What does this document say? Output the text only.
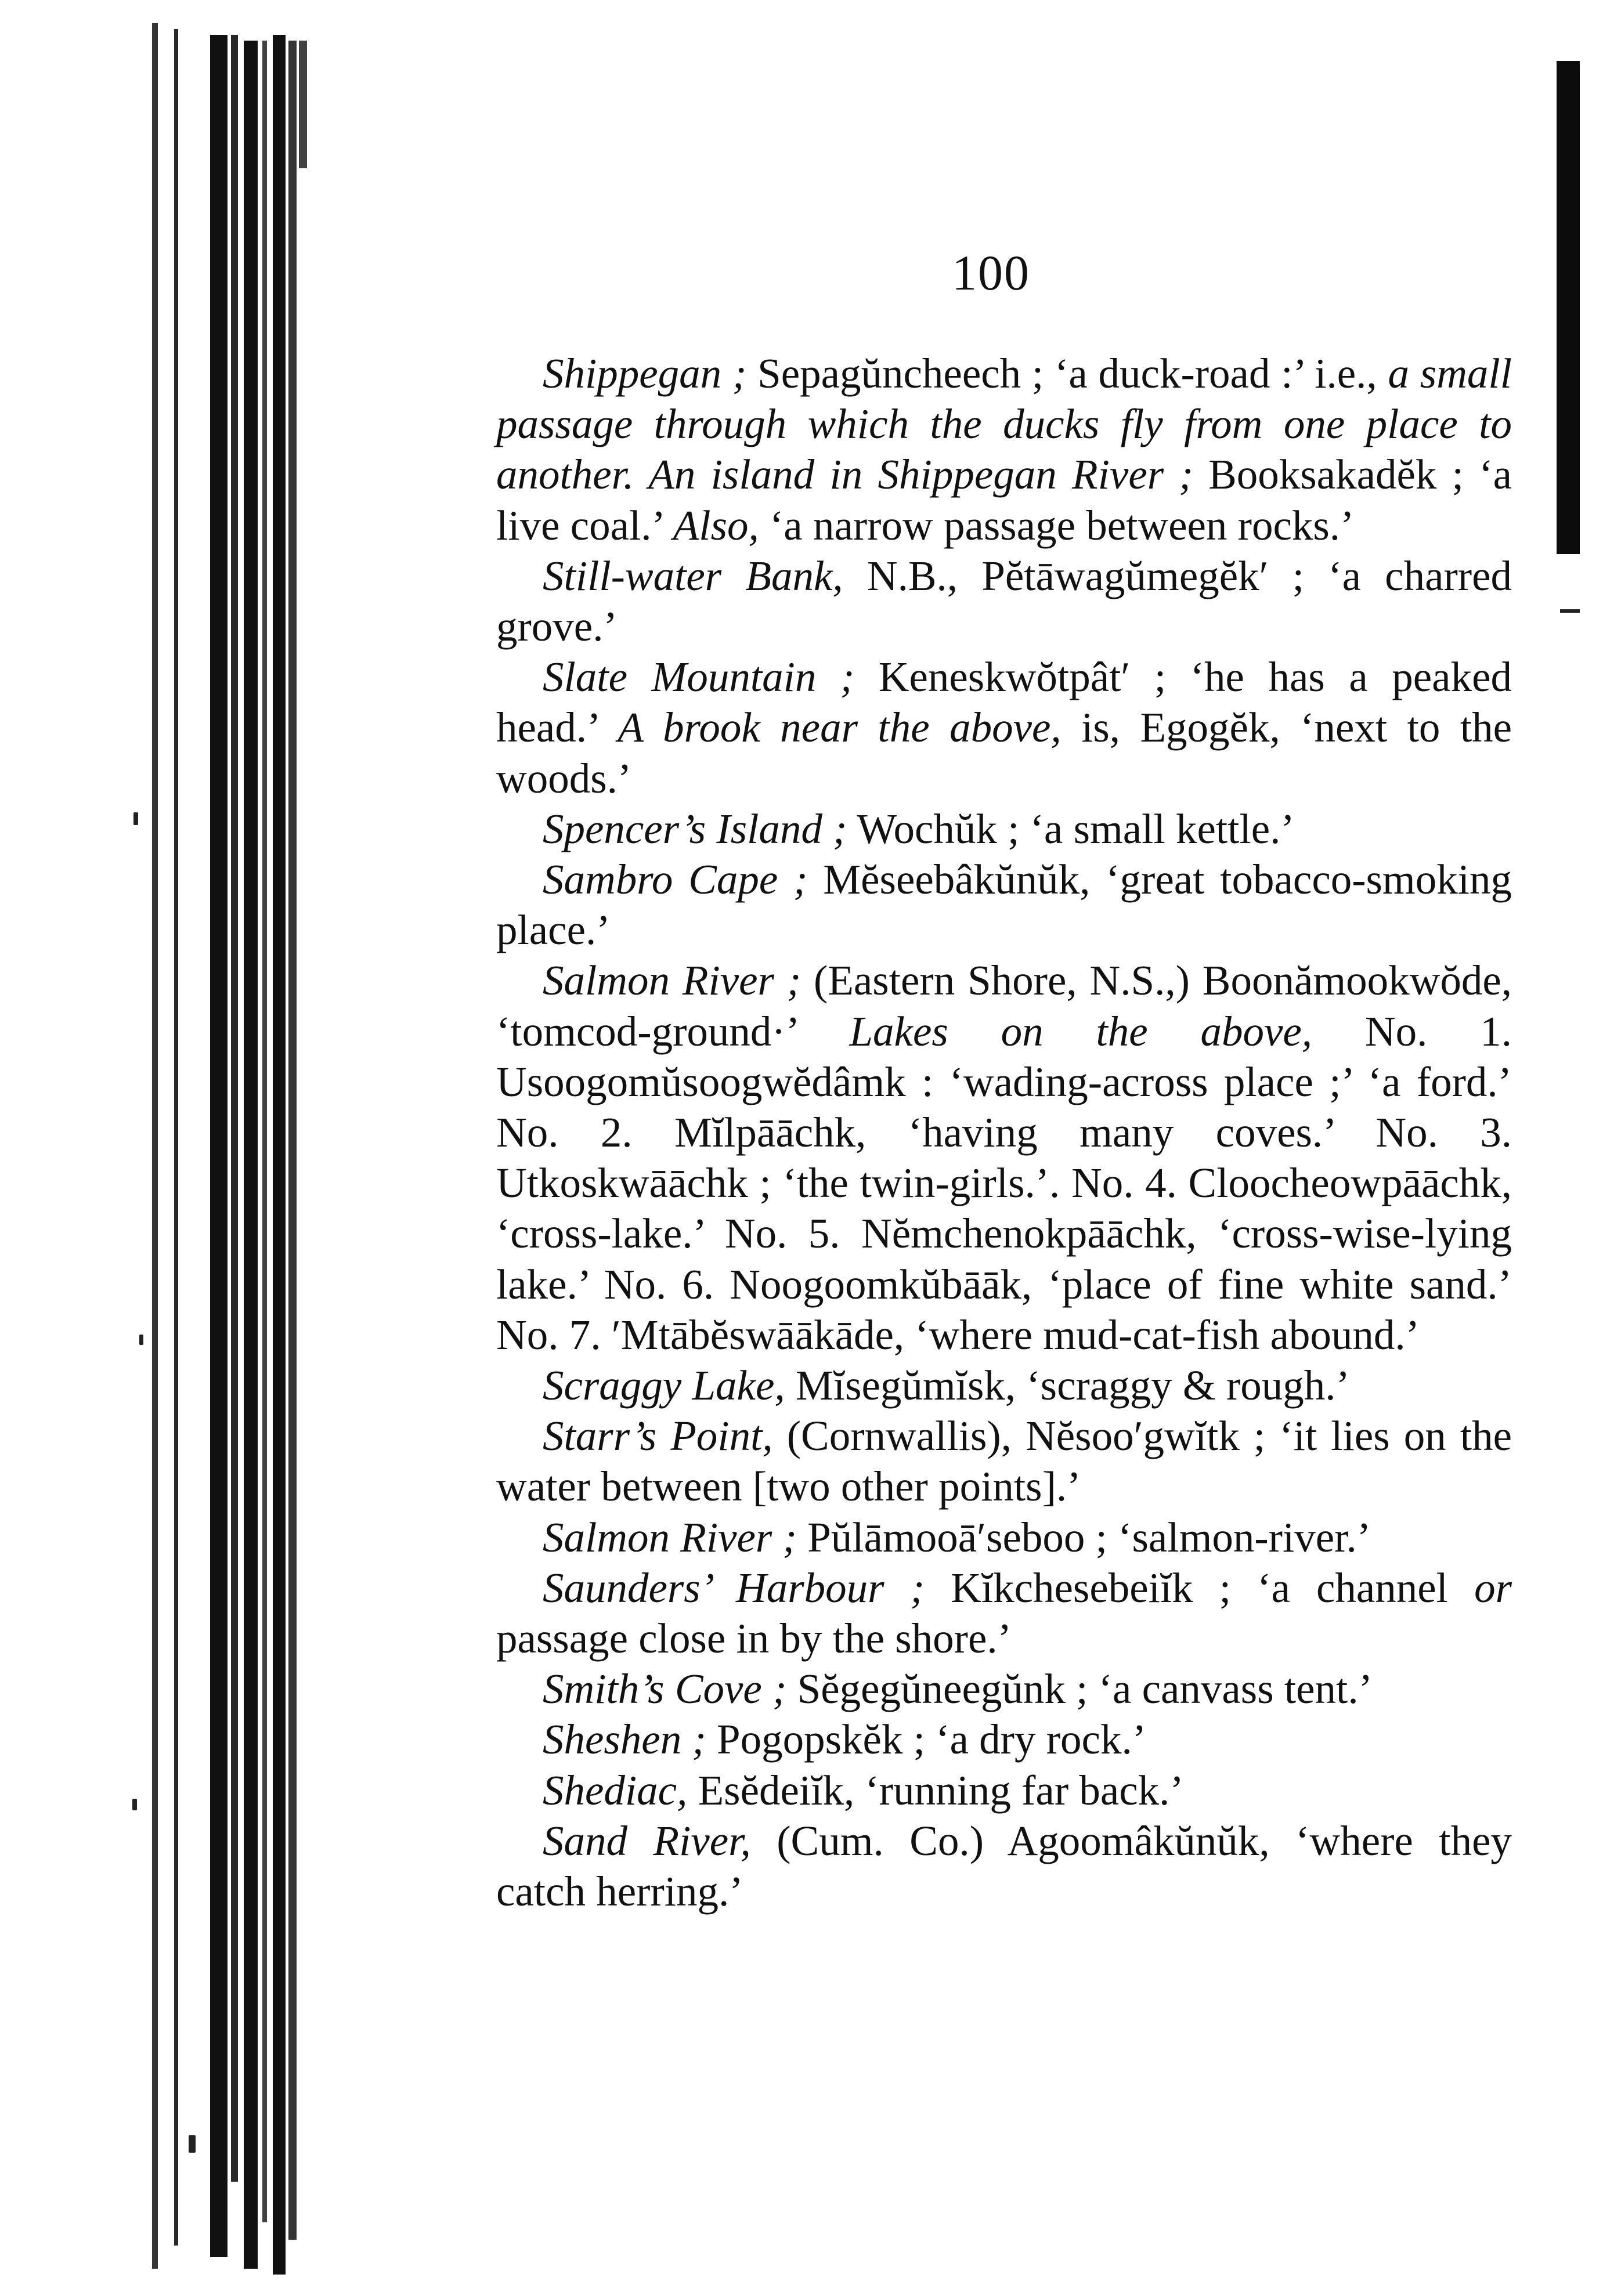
100

Shippegan ; Sepagŭncheech ; ‘a duck-road :’ i.e., a small passage through which the ducks fly from one place to another. An island in Shippegan River ; Booksakadĕk ; ‘a live coal.’ Also, ‘a narrow passage between rocks.’

Still-water Bank, N.B., Pĕtāwagŭmegĕk′ ; ‘a charred grove.’

Slate Mountain ; Keneskwŏtpât′ ; ‘he has a peaked head.’ A brook near the above, is, Egogĕk, ‘next to the woods.’

Spencer’s Island ; Wochŭk ; ‘a small kettle.’

Sambro Cape ; Mĕseebâkŭnŭk, ‘great tobacco-smoking place.’

Salmon River ; (Eastern Shore, N.S.,) Boonămookwŏde, ‘tomcod-ground·’ Lakes on the above, No. 1. Usoogomŭsoogwĕdâmk : ‘wading-across place ;’ ‘a ford.’ No. 2. Mĭlpāāchk, ‘having many coves.’ No. 3. Utkoskwāāchk ; ‘the twin-girls.’. No. 4. Cloocheowpāāchk, ‘cross-lake.’ No. 5. Nĕmchenokpāāchk, ‘cross-wise-lying lake.’ No. 6. Noogoomkŭbāāk, ‘place of fine white sand.’ No. 7. ′Mtābĕswāākāde, ‘where mud-cat-fish abound.’

Scraggy Lake, Mĭsegŭmĭsk, ‘scraggy & rough.’

Starr’s Point, (Cornwallis), Nĕsoo′gwĭtk ; ‘it lies on the water between [two other points].’

Salmon River ; Pŭlāmooā′seboo ; ‘salmon-river.’

Saunders’ Harbour ; Kĭkchesebeiĭk ; ‘a channel or passage close in by the shore.’

Smith’s Cove ; Sĕgegŭneegŭnk ; ‘a canvass tent.’

Sheshen ; Pogopskĕk ; ‘a dry rock.’

Shediac, Esĕdeiĭk, ‘running far back.’

Sand River, (Cum. Co.) Agoomâkŭnŭk, ‘where they catch herring.’
